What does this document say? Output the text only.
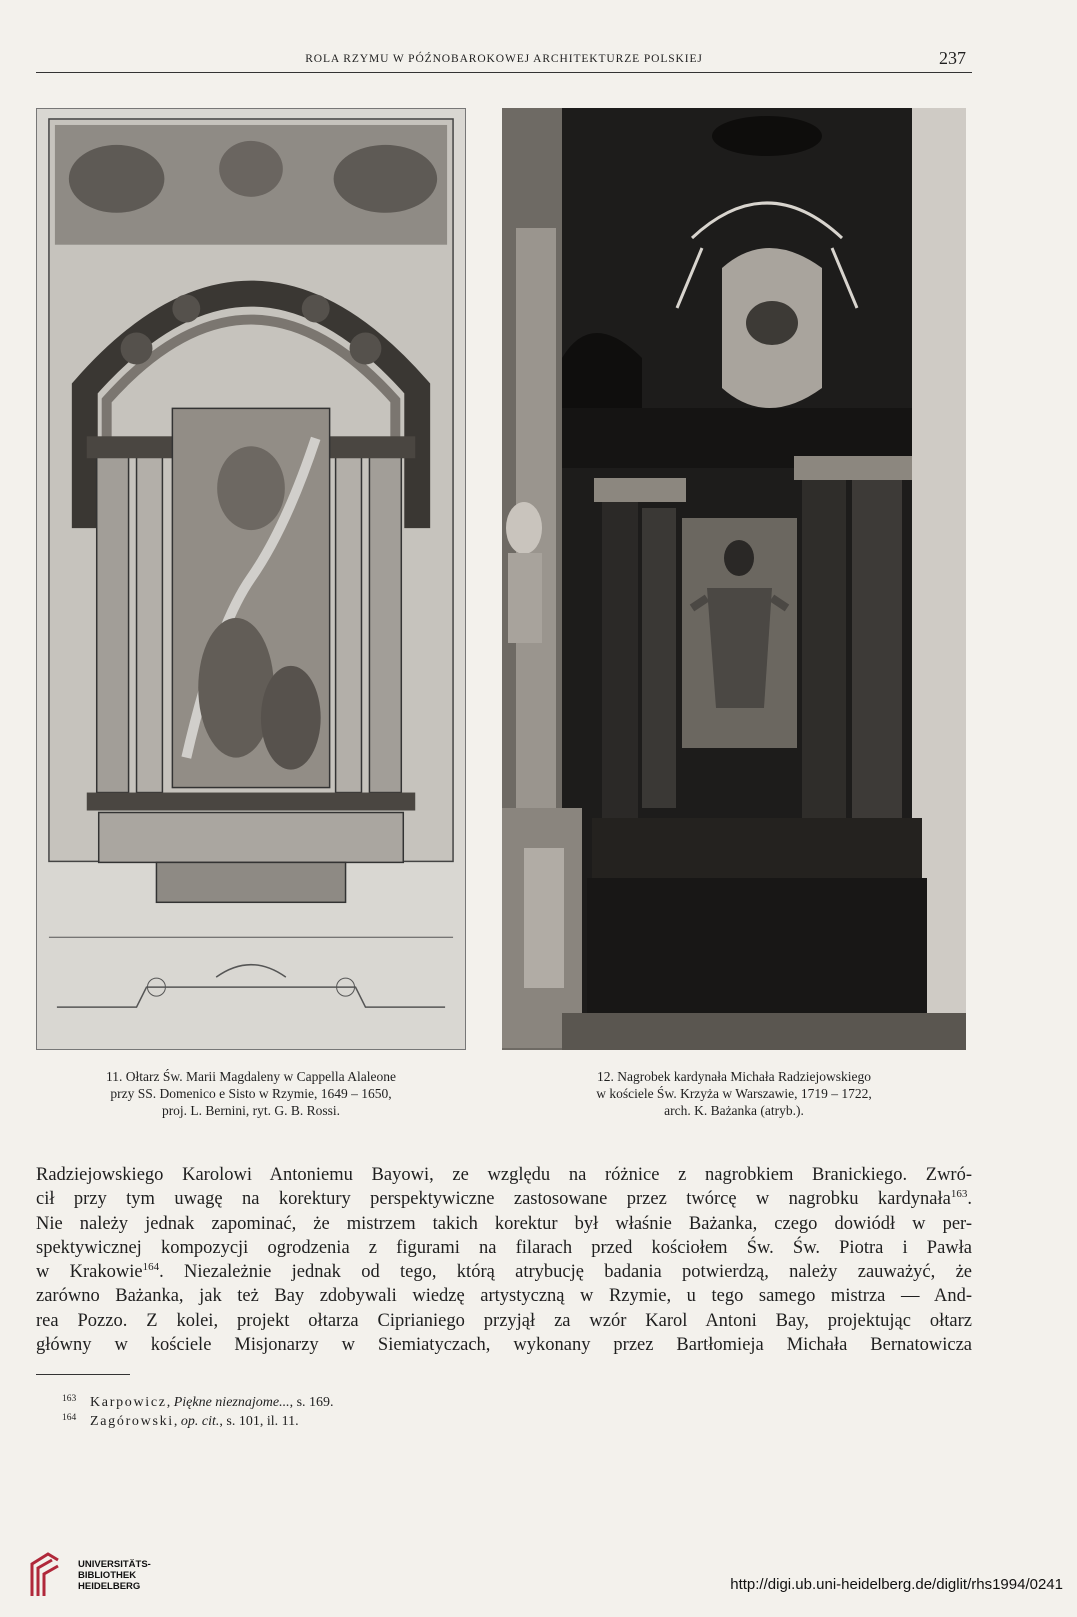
ROLA RZYMU W PÓŹNOBAROKOWEJ ARCHITEKTURZE POLSKIEJ	237
11. Ołtarz Św. Marii Magdaleny w Cappella Alaleone
przy SS. Domenico e Sisto w Rzymie, 1649 – 1650,
proj. L. Bernini, ryt. G. B. Rossi.
12. Nagrobek kardynała Michała Radziejowskiego
w kościele Św. Krzyża w Warszawie, 1719 – 1722,
arch. K. Bażanka (atryb.).
Radziejowskiego Karolowi Antoniemu Bayowi, ze względu na różnice z nagrobkiem Branickiego. Zwró-
cił przy tym uwagę na korektury perspektywiczne zastosowane przez twórcę w nagrobku kardynała$^{163}$.
Nie należy jednak zapominać, że mistrzem takich korektur był właśnie Bażanka, czego dowiódł w per-
spektywicznej kompozycji ogrodzenia z figurami na filarach przed kościołem Św. Św. Piotra i Pawła
w Krakowie$^{164}$. Niezależnie jednak od tego, którą atrybucję badania potwierdzą, należy zauważyć, że
zarówno Bażanka, jak też Bay zdobywali wiedzę artystyczną w Rzymie, u tego samego mistrza — And-
rea Pozzo. Z kolei, projekt ołtarza Ciprianiego przyjął za wzór Karol Antoni Bay, projektując ołtarz
główny w kościele Misjonarzy w Siemiatyczach, wykonany przez Bartłomieja Michała Bernatowicza
163 Karpowicz, Piękne nieznajome..., s. 169.
164 Zagórowski, op. cit., s. 101, il. 11.
UNIVERSITÄTS-
BIBLIOTHEK
HEIDELBERG	http://digi.ub.uni-heidelberg.de/diglit/rhs1994/0241
